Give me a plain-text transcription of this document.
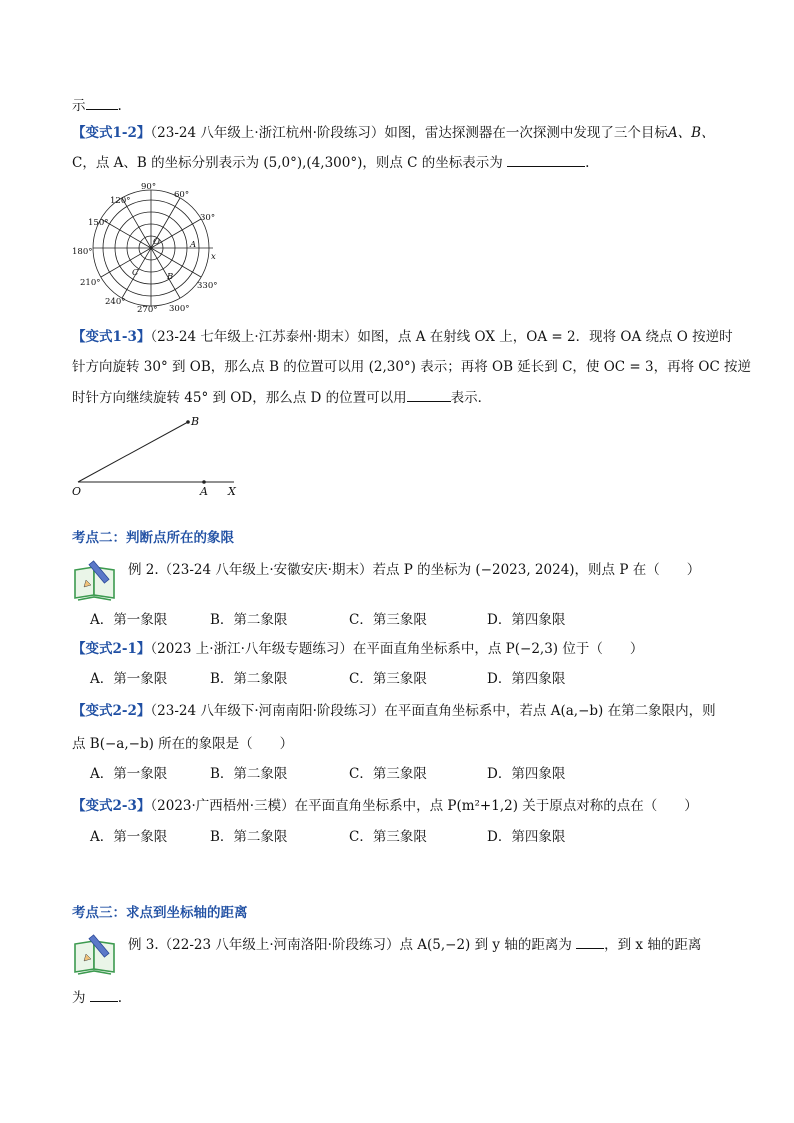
示 .
【变式1-2】（23-24 八年级上·浙江杭州·阶段练习）如图，雷达探测器在一次探测中发现了三个目标A、B、
C，点 A、B 的坐标分别表示为 (5,0°),(4,300°)，则点 C 的坐标表示为	.
90°
60°
30°
120°
150°
180°
210°
240°
270° 300°
330°
O	A
B
C
x
【变式1-3】（23-24 七年级上·江苏泰州·期末）如图，点 A 在射线 OX 上，OA = 2．现将 OA 绕点 O 按逆时
针方向旋转 30° 到 OB，那么点 B 的位置可以用 (2,30°) 表示；再将 OB 延长到 C，使 OC = 3，再将 OC 按逆
时针方向继续旋转 45° 到 OD，那么点 D 的位置可以用	表示．
B
O	A X
考点二：判断点所在的象限
例 2.（23-24 八年级上·安徽安庆·期末）若点 P 的坐标为 (−2023, 2024)，则点 P 在（　　）
A．第一象限	B．第二象限	C．第三象限	D．第四象限
【变式2-1】（2023 上·浙江·八年级专题练习）在平面直角坐标系中，点 P(−2,3) 位于（　　）
A．第一象限	B．第二象限	C．第三象限	D．第四象限
【变式2-2】（23-24 八年级下·河南南阳·阶段练习）在平面直角坐标系中，若点 A(a,−b) 在第二象限内，则
点 B(−a,−b) 所在的象限是（　　）
A．第一象限	B．第二象限	C．第三象限	D．第四象限
【变式2-3】（2023·广西梧州·三模）在平面直角坐标系中，点 P(m²+1,2) 关于原点对称的点在（　　）
A．第一象限	B．第二象限	C．第三象限	D．第四象限
考点三：求点到坐标轴的距离
例 3.（22-23 八年级上·河南洛阳·阶段练习）点 A(5,−2) 到 y 轴的距离为 ，到 x 轴的距离
为 .
